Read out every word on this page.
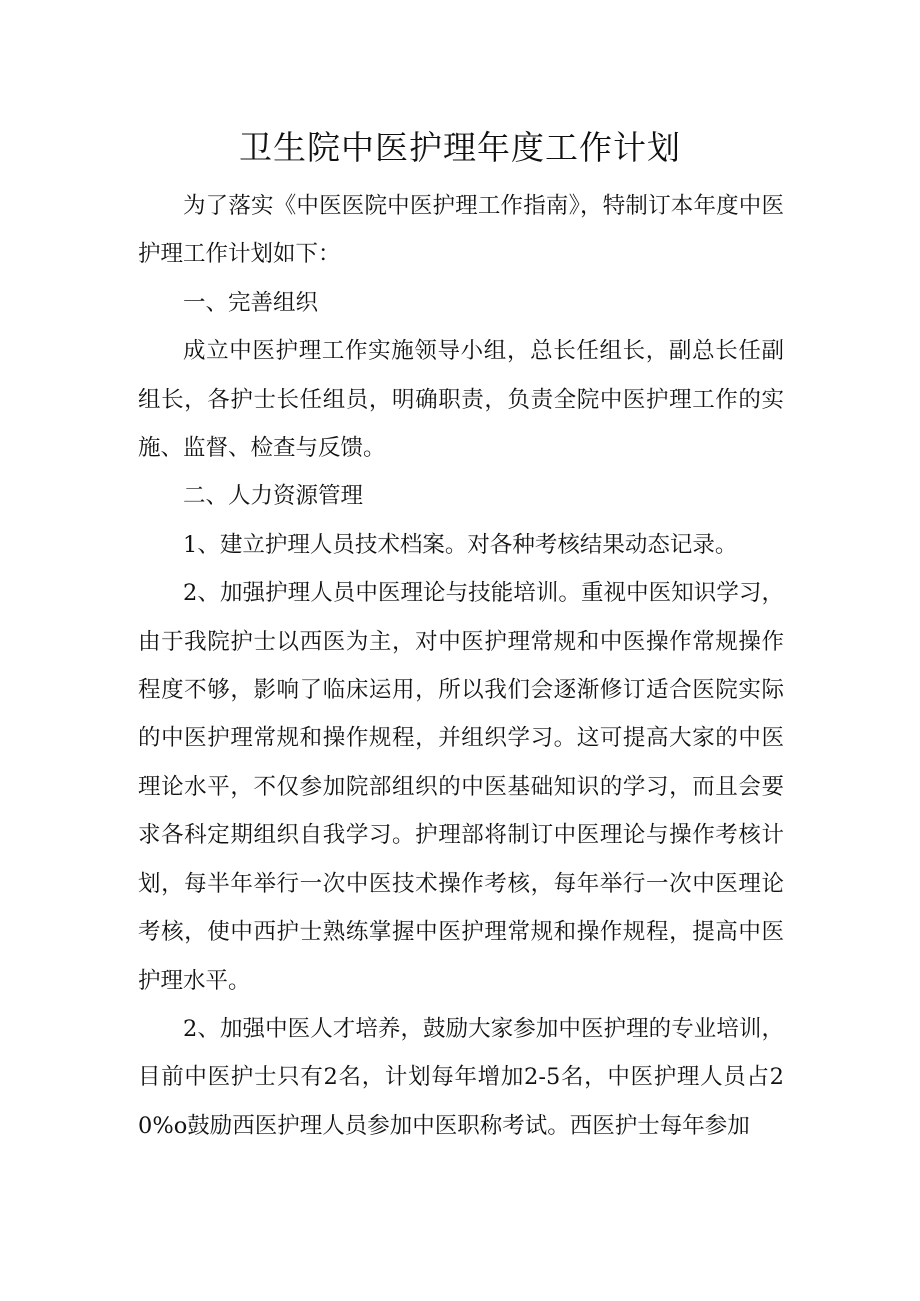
卫生院中医护理年度工作计划

为了落实《中医医院中医护理工作指南》，特制订本年度中医护理工作计划如下：

一、完善组织

成立中医护理工作实施领导小组，总长任组长，副总长任副组长，各护士长任组员，明确职责，负责全院中医护理工作的实施、监督、检查与反馈。

二、人力资源管理

1、建立护理人员技术档案。对各种考核结果动态记录。

2、加强护理人员中医理论与技能培训。重视中医知识学习，由于我院护士以西医为主，对中医护理常规和中医操作常规操作程度不够，影响了临床运用，所以我们会逐渐修订适合医院实际的中医护理常规和操作规程，并组织学习。这可提高大家的中医理论水平，不仅参加院部组织的中医基础知识的学习，而且会要求各科定期组织自我学习。护理部将制订中医理论与操作考核计划，每半年举行一次中医技术操作考核，每年举行一次中医理论考核，使中西护士熟练掌握中医护理常规和操作规程，提高中医护理水平。

2、加强中医人才培养，鼓励大家参加中医护理的专业培训，目前中医护士只有2名，计划每年增加2-5名，中医护理人员占20%o鼓励西医护理人员参加中医职称考试。西医护士每年参加
